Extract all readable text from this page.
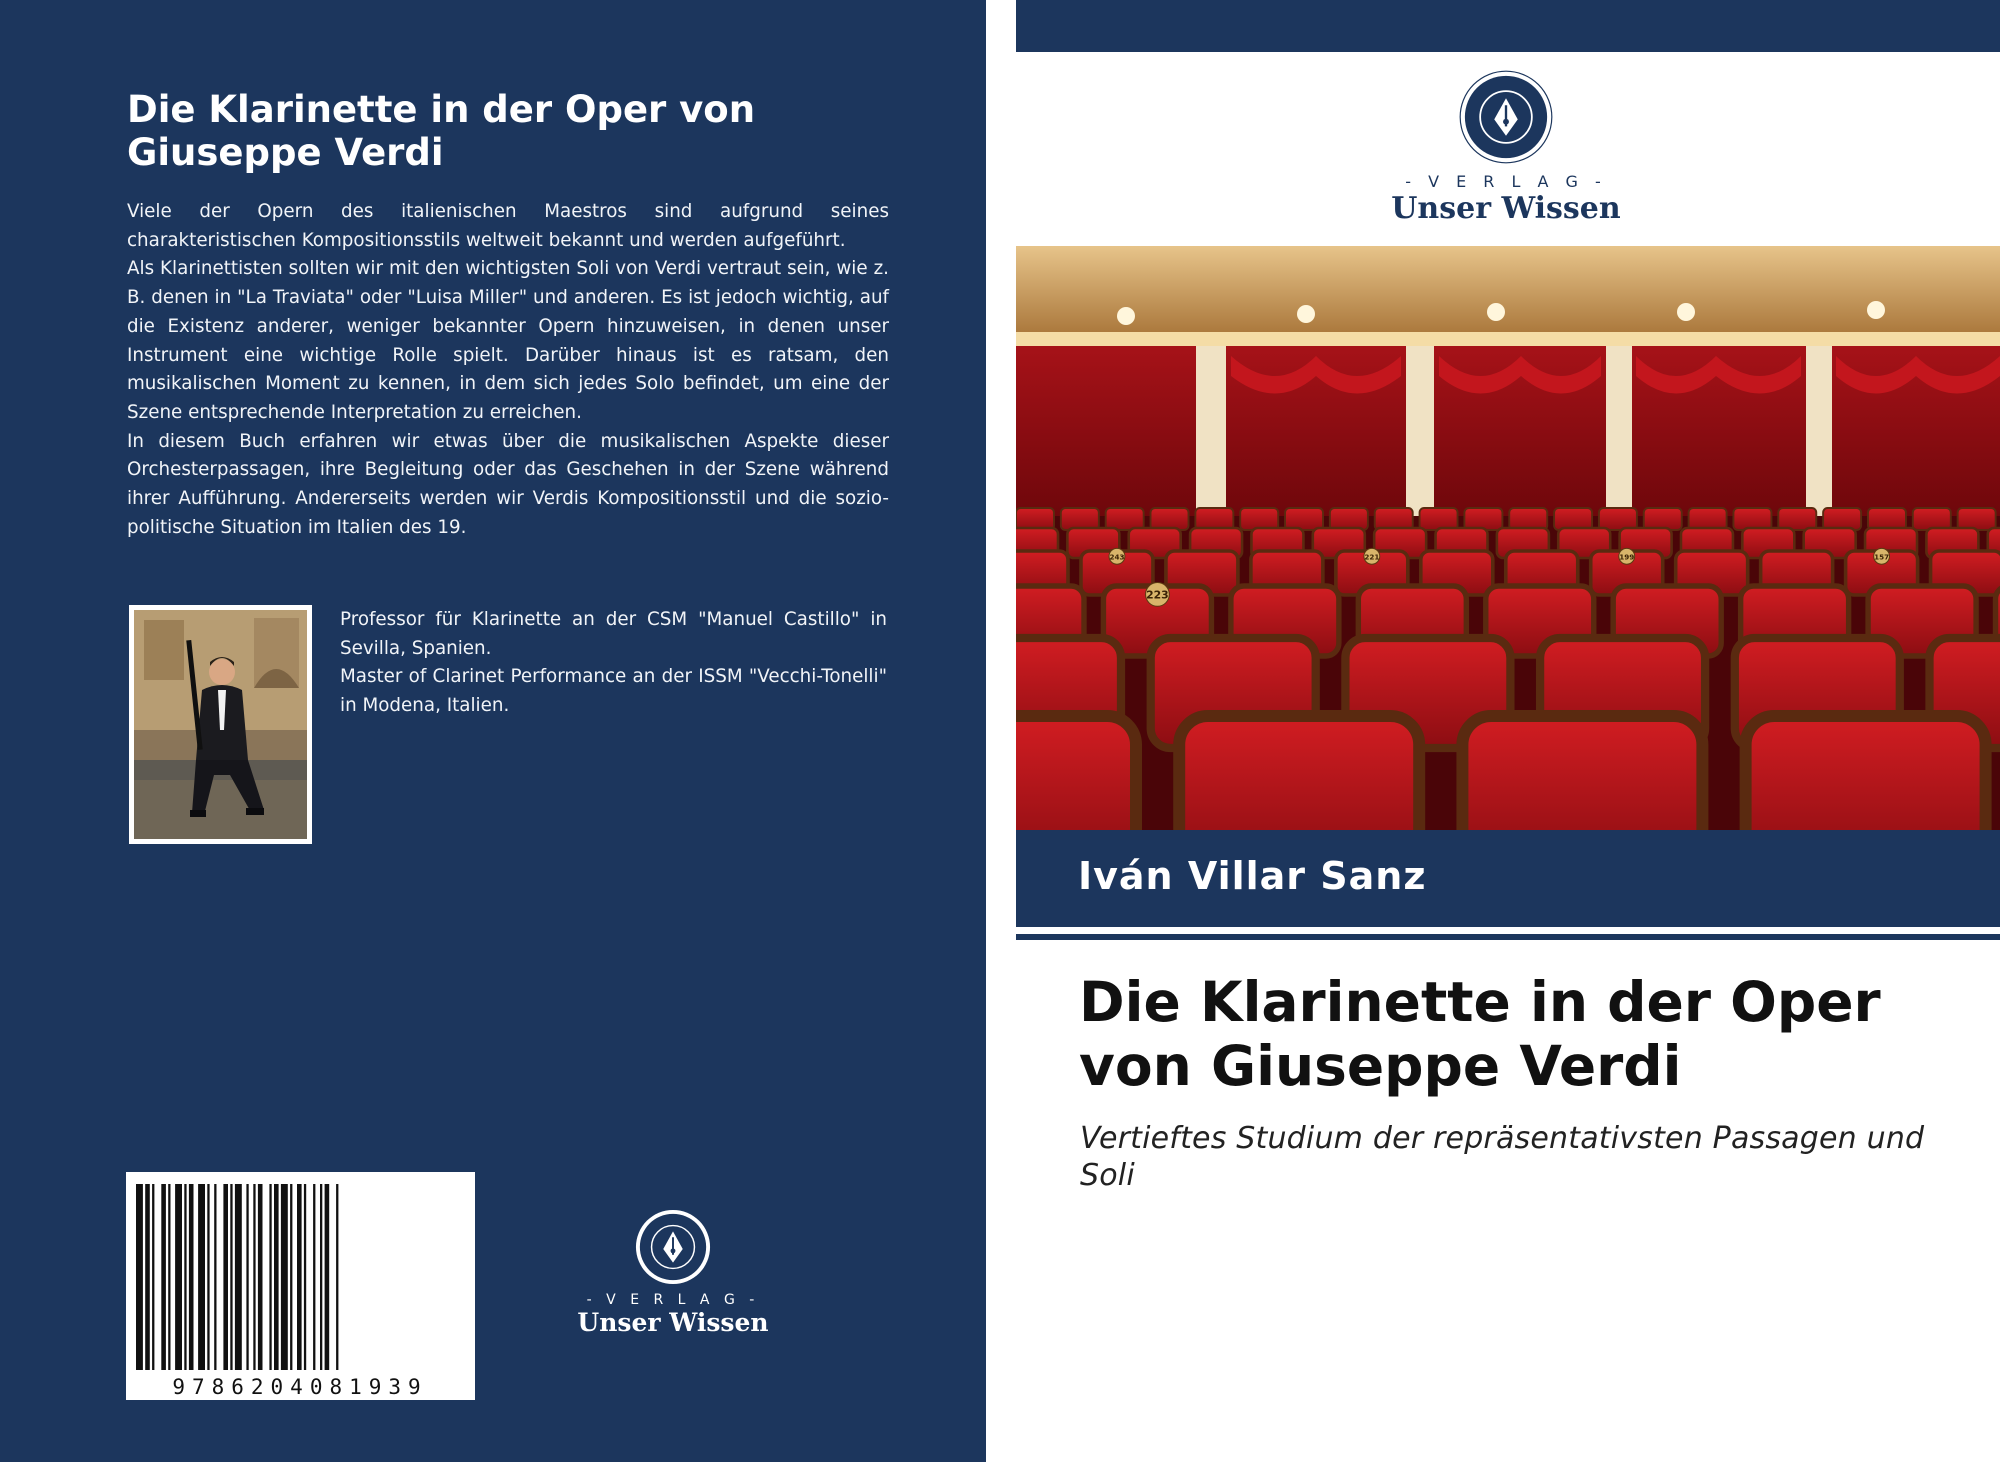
Die Klarinette in der Oper von Giuseppe Verdi

Viele der Opern des italienischen Maestros sind aufgrund seines charakteristischen Kompositionsstils weltweit bekannt und werden aufgeführt.

Als Klarinettisten sollten wir mit den wichtigsten Soli von Verdi vertraut sein, wie z. B. denen in "La Traviata" oder "Luisa Miller" und anderen. Es ist jedoch wichtig, auf die Existenz anderer, weniger bekannter Opern hinzuweisen, in denen unser Instrument eine wichtige Rolle spielt. Darüber hinaus ist es ratsam, den musikalischen Moment zu kennen, in dem sich jedes Solo befindet, um eine der Szene entsprechende Interpretation zu erreichen.

In diesem Buch erfahren wir etwas über die musikalischen Aspekte dieser Orchesterpassagen, ihre Begleitung oder das Geschehen in der Szene während ihrer Aufführung. Andererseits werden wir Verdis Kompositionsstil und die sozio-politische Situation im Italien des 19.

Professor für Klarinette an der CSM "Manuel Castillo" in Sevilla, Spanien.

Master of Clarinet Performance an der ISSM "Vecchi-Tonelli" in Modena, Italien.

9786204081939
- V E R L A G -
Unser Wissen
- V E R L A G -
Unser Wissen
243	221	199	157
223
Iván Villar Sanz
Die Klarinette in der Oper von Giuseppe Verdi
Vertieftes Studium der repräsentativsten Passagen und Soli
